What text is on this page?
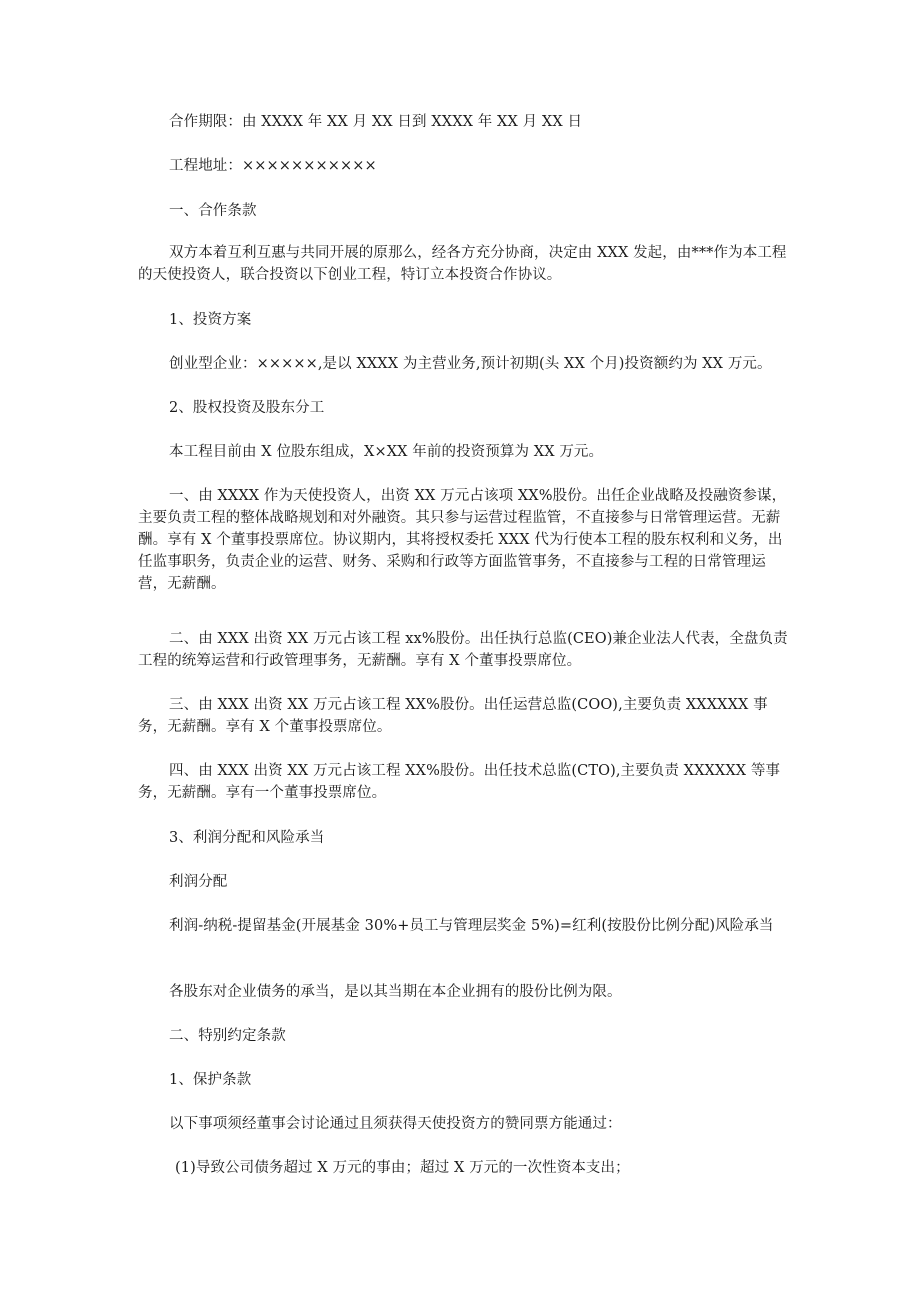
合作期限：由 XXXX 年 XX 月 XX 日到 XXXX 年 XX 月 XX 日

工程地址：×××××××××××

一、合作条款

双方本着互利互惠与共同开展的原那么，经各方充分协商，决定由 XXX 发起，由***作为本工程的天使投资人，联合投资以下创业工程，特订立本投资合作协议。

1、投资方案

创业型企业：×××××,是以 XXXX 为主营业务,预计初期(头 XX 个月)投资额约为 XX 万元。

2、股权投资及股东分工

本工程目前由 X 位股东组成，X×XX 年前的投资预算为 XX 万元。

一、由 XXXX 作为天使投资人，出资 XX 万元占该项 XX%股份。出任企业战略及投融资参谋，主要负责工程的整体战略规划和对外融资。其只参与运营过程监管，不直接参与日常管理运营。无薪酬。享有 X 个董事投票席位。协议期内，其将授权委托 XXX 代为行使本工程的股东权利和义务，出任监事职务，负责企业的运营、财务、采购和行政等方面监管事务，不直接参与工程的日常管理运营，无薪酬。

二、由 XXX 出资 XX 万元占该工程 xx%股份。出任执行总监(CEO)兼企业法人代表，全盘负责工程的统筹运营和行政管理事务，无薪酬。享有 X 个董事投票席位。

三、由 XXX 出资 XX 万元占该工程 XX%股份。出任运营总监(COO),主要负责 XXXXXX 事务，无薪酬。享有 X 个董事投票席位。

四、由 XXX 出资 XX 万元占该工程 XX%股份。出任技术总监(CTO),主要负责 XXXXXX 等事务，无薪酬。享有一个董事投票席位。

3、利润分配和风险承当

利润分配

利润-纳税-提留基金(开展基金 30%+员工与管理层奖金 5%)=红利(按股份比例分配)风险承当

各股东对企业债务的承当，是以其当期在本企业拥有的股份比例为限。

二、特别约定条款

1、保护条款

以下事项须经董事会讨论通过且须获得天使投资方的赞同票方能通过：

(1)导致公司债务超过 X 万元的事由；超过 X 万元的一次性资本支出；
